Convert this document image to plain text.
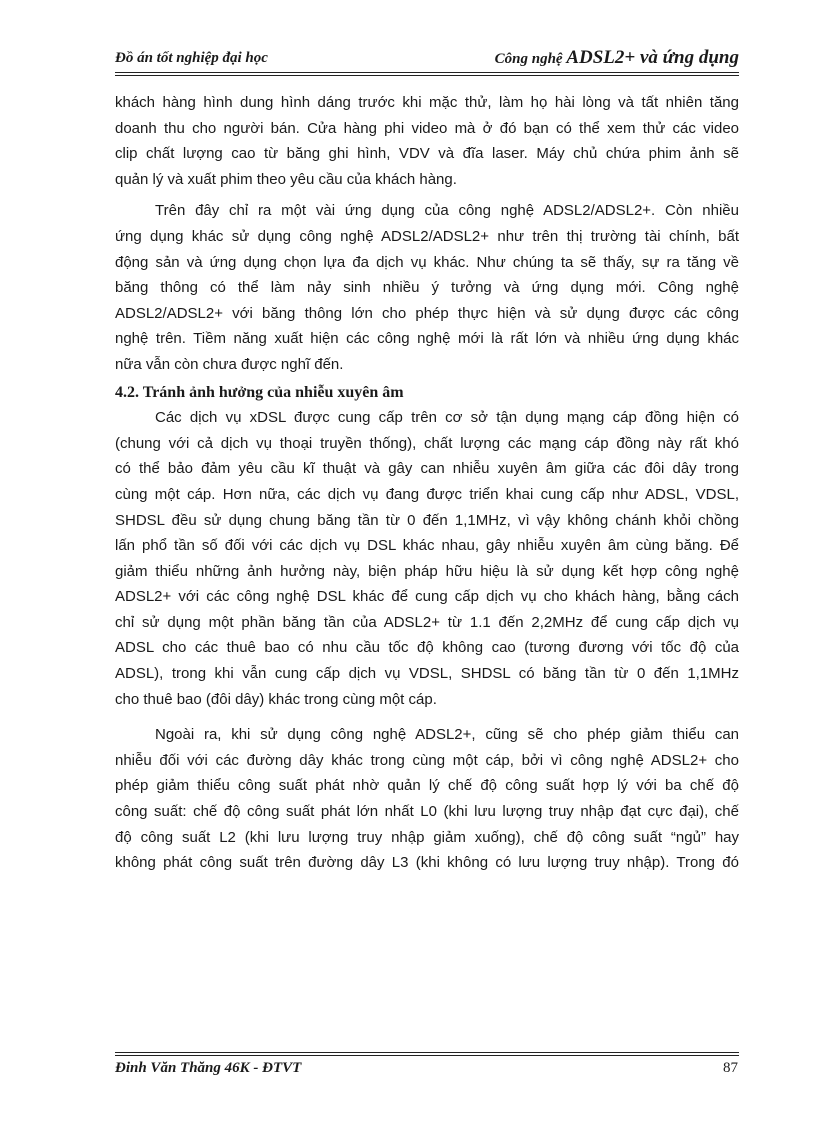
Đồ án tốt nghiệp đại học	Công nghệ ADSL2+ và ứng dụng
khách hàng hình dung hình dáng trước khi mặc thử, làm họ hài lòng và tất nhiên tăng
doanh thu cho người bán. Cửa hàng phi video mà ở đó bạn có thể xem thử các video
clip chất lượng cao từ băng ghi hình, VDV và đĩa laser. Máy chủ chứa phim ảnh sẽ
quản lý và xuất phim theo yêu cầu của khách hàng.
Trên đây chỉ ra một vài ứng dụng của công nghệ ADSL2/ADSL2+. Còn nhiều
ứng dụng khác sử dụng công nghệ ADSL2/ADSL2+ như trên thị trường tài chính, bất
động sản và ứng dụng chọn lựa đa dịch vụ khác. Như chúng ta sẽ thấy, sự ra tăng về
băng thông có thể làm nảy sinh nhiều ý tưởng và ứng dụng mới. Công nghệ
ADSL2/ADSL2+ với băng thông lớn cho phép thực hiện và sử dụng được các công
nghệ trên. Tiềm năng xuất hiện các công nghệ mới là rất lớn và nhiều ứng dụng khác
nữa vẫn còn chưa được nghĩ đến.
4.2. Tránh ảnh hưởng của nhiễu xuyên âm
Các dịch vụ xDSL được cung cấp trên cơ sở tận dụng mạng cáp đồng hiện có
(chung với cả dịch vụ thoại truyền thống), chất lượng các mạng cáp đồng này rất khó
có thể bảo đảm yêu cầu kĩ thuật và gây can nhiễu xuyên âm giữa các đôi dây trong
cùng một cáp. Hơn nữa, các dịch vụ đang được triển khai cung cấp như ADSL, VDSL,
SHDSL đều sử dụng chung băng tần từ 0 đến 1,1MHz, vì vậy không chánh khỏi chồng
lấn phổ tần số đối với các dịch vụ DSL khác nhau, gây nhiễu xuyên âm cùng băng. Để
giảm thiểu những ảnh hưởng này, biện pháp hữu hiệu là sử dụng kết hợp công nghệ
ADSL2+ với các công nghệ DSL khác để cung cấp dịch vụ cho khách hàng, bằng cách
chỉ sử dụng một phần băng tần của ADSL2+ từ 1.1 đến 2,2MHz để cung cấp dịch vụ
ADSL cho các thuê bao có nhu cầu tốc độ không cao (tương đương với tốc độ của
ADSL), trong khi vẫn cung cấp dịch vụ VDSL, SHDSL có băng tần từ 0 đến 1,1MHz
cho thuê bao (đôi dây) khác trong cùng một cáp.
Ngoài ra, khi sử dụng công nghệ ADSL2+, cũng sẽ cho phép giảm thiểu can
nhiễu đối với các đường dây khác trong cùng một cáp, bởi vì công nghệ ADSL2+ cho
phép giảm thiểu công suất phát nhờ quản lý chế độ công suất hợp lý với ba chế độ
công suất: chế độ công suất phát lớn nhất L0 (khi lưu lượng truy nhập đạt cực đại), chế
độ công suất L2 (khi lưu lượng truy nhập giảm xuống), chế độ công suất “ngủ” hay
không phát công suất trên đường dây L3 (khi không có lưu lượng truy nhập). Trong đó
Đinh Văn Thăng 46K - ĐTVT	87
